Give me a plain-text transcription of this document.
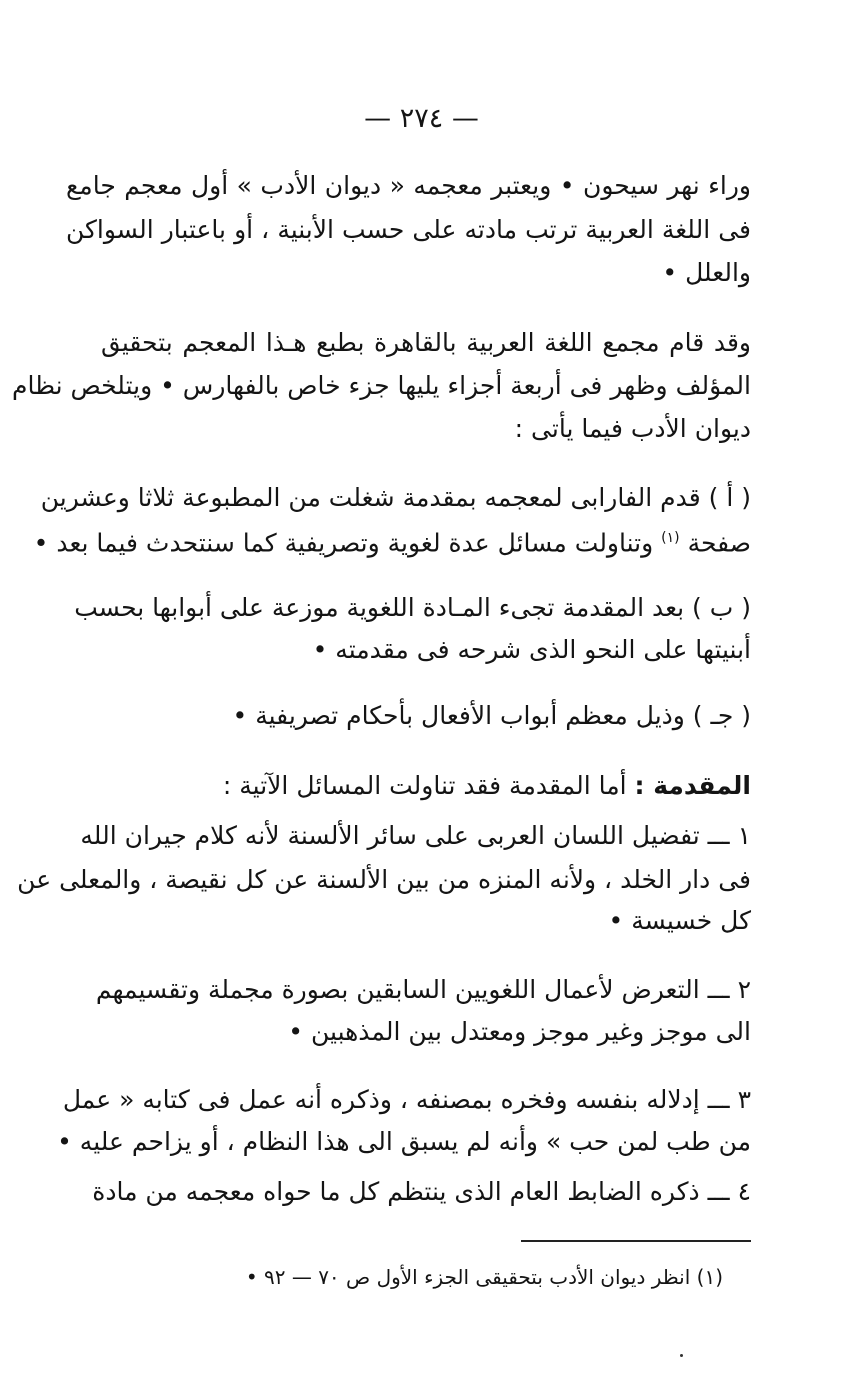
— ٢٧٤ —
وراء نهر سيحون • ويعتبر معجمه « ديوان الأدب » أول معجم جامع
فى اللغة العربية ترتب مادته على حسب الأبنية ، أو باعتبار السواكن
والعلل •
وقد قام مجمع اللغة العربية بالقاهرة بطبع هـذا المعجم بتحقيق
المؤلف وظهر فى أربعة أجزاء يليها جزء خاص بالفهارس • ويتلخص نظام
ديوان الأدب فيما يأتى :
( أ ) قدم الفارابى لمعجمه بمقدمة شغلت من المطبوعة ثلاثا وعشرين
صفحة $^{(١)}$ وتناولت مسائل عدة لغوية وتصريفية كما سنتحدث فيما بعد •
( ب ) بعد المقدمة تجىء المـادة اللغوية موزعة على أبوابها بحسب
أبنيتها على النحو الذى شرحه فى مقدمته •
( جـ ) وذيل معظم أبواب الأفعال بأحكام تصريفية •
المقدمة : أما المقدمة فقد تناولت المسائل الآتية :
١ ـــ تفضيل اللسان العربى على سائر الألسنة لأنه كلام جيران الله
فى دار الخلد ، ولأنه المنزه من بين الألسنة عن كل نقيصة ، والمعلى عن
كل خسيسة •
٢ ـــ التعرض لأعمال اللغويين السابقين بصورة مجملة وتقسيمهم
الى موجز وغير موجز ومعتدل بين المذهبين •
٣ ـــ إدلاله بنفسه وفخره بمصنفه ، وذكره أنه عمل فى كتابه « عمل
من طب لمن حب » وأنه لم يسبق الى هذا النظام ، أو يزاحم عليه •
٤ ـــ ذكره الضابط العام الذى ينتظم كل ما حواه معجمه من مادة
(١) انظر ديوان الأدب بتحقيقى الجزء الأول ص ٧٠ — ٩٢ •
